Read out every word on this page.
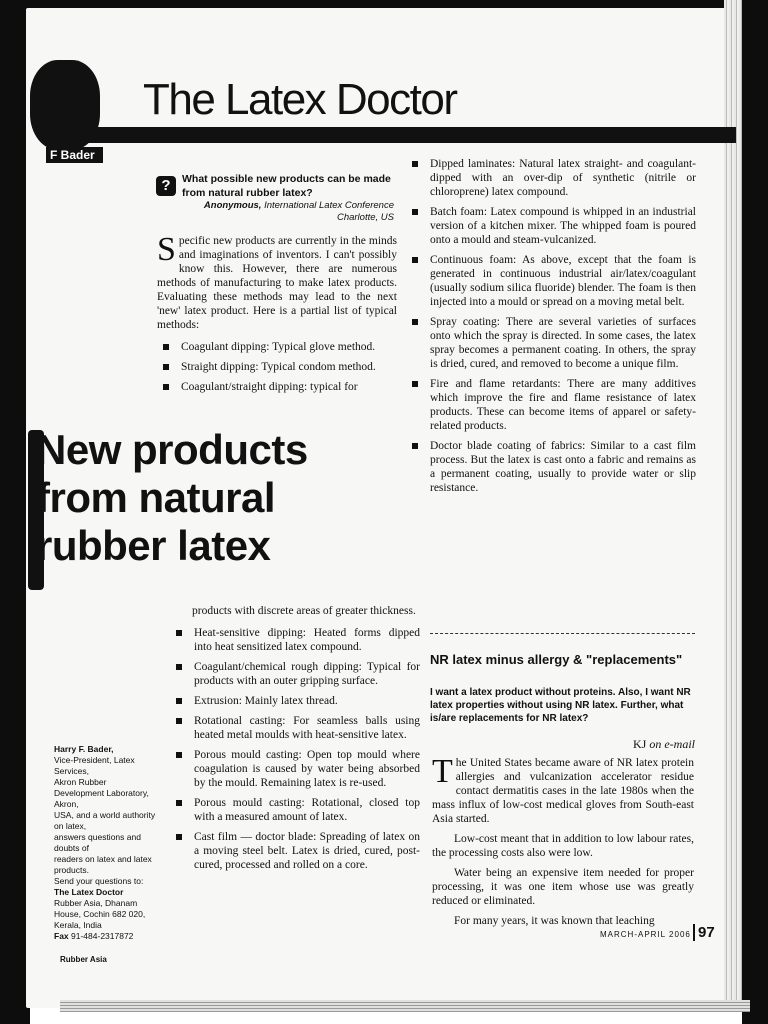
The Latex Doctor
F Bader
?	What possible new products can be made from natural rubber latex?
Anonymous, International Latex Conference
Charlotte, US

Specific new products are currently in the minds and imaginations of inventors. I can't possibly know this. However, there are numerous methods of manufacturing to make latex products. Evaluating these methods may lead to the next 'new' latex product. Here is a partial list of typical methods:

Coagulant dipping: Typical glove method.
Straight dipping: Typical condom method.
Coagulant/straight dipping: typical for
New products
from natural
rubber latex

products with discrete areas of greater thickness.

Heat-sensitive dipping: Heated forms dipped into heat sensitized latex compound.
Coagulant/chemical rough dipping: Typical for products with an outer gripping surface.
Extrusion: Mainly latex thread.
Rotational casting: For seamless balls using heated metal moulds with heat-sensitive latex.
Porous mould casting: Open top mould where coagulation is caused by water being absorbed by the mould. Remaining latex is re-used.
Porous mould casting: Rotational, closed top with a measured amount of latex.
Cast film — doctor blade: Spreading of latex on a moving steel belt. Latex is dried, cured, post-cured, processed and rolled on a core.
Dipped laminates: Natural latex straight- and coagulant-dipped with an over-dip of synthetic (nitrile or chloroprene) latex compound.
Batch foam: Latex compound is whipped in an industrial version of a kitchen mixer. The whipped foam is poured onto a mould and steam-vulcanized.
Continuous foam: As above, except that the foam is generated in continuous industrial air/latex/coagulant (usually sodium silica fluoride) blender. The foam is then injected into a mould or spread on a moving metal belt.
Spray coating: There are several varieties of surfaces onto which the spray is directed. In some cases, the latex spray becomes a permanent coating. In others, the spray is dried, cured, and removed to become a unique film.
Fire and flame retardants: There are many additives which improve the fire and flame resistance of latex products. These can become items of apparel or safety-related products.
Doctor blade coating of fabrics: Similar to a cast film process. But the latex is cast onto a fabric and remains as a permanent coating, usually to provide water or slip resistance.
NR latex minus allergy & "replacements"
I want a latex product without proteins. Also, I want NR latex properties without using NR latex. Further, what is/are replacements for NR latex?
KJ on e-mail

The United States became aware of NR latex protein allergies and vulcanization accelerator residue contact dermatitis cases in the late 1980s when the mass influx of low-cost medical gloves from South-east Asia started.

Low-cost meant that in addition to low labour rates, the processing costs also were low.

Water being an expensive item needed for proper processing, it was one item whose use was greatly reduced or eliminated.

For many years, it was known that leaching

Harry F. Bader,
Vice-President, Latex
Services,
Akron Rubber
Development Laboratory,
Akron,
USA, and a world authority
on latex,
answers questions and
doubts of
readers on latex and latex
products.
Send your questions to:
The Latex Doctor
Rubber Asia, Dhanam
House, Cochin 682 020,
Kerala, India
Fax 91-484-2317872
Rubber Asia
MARCH-APRIL 2006 97
